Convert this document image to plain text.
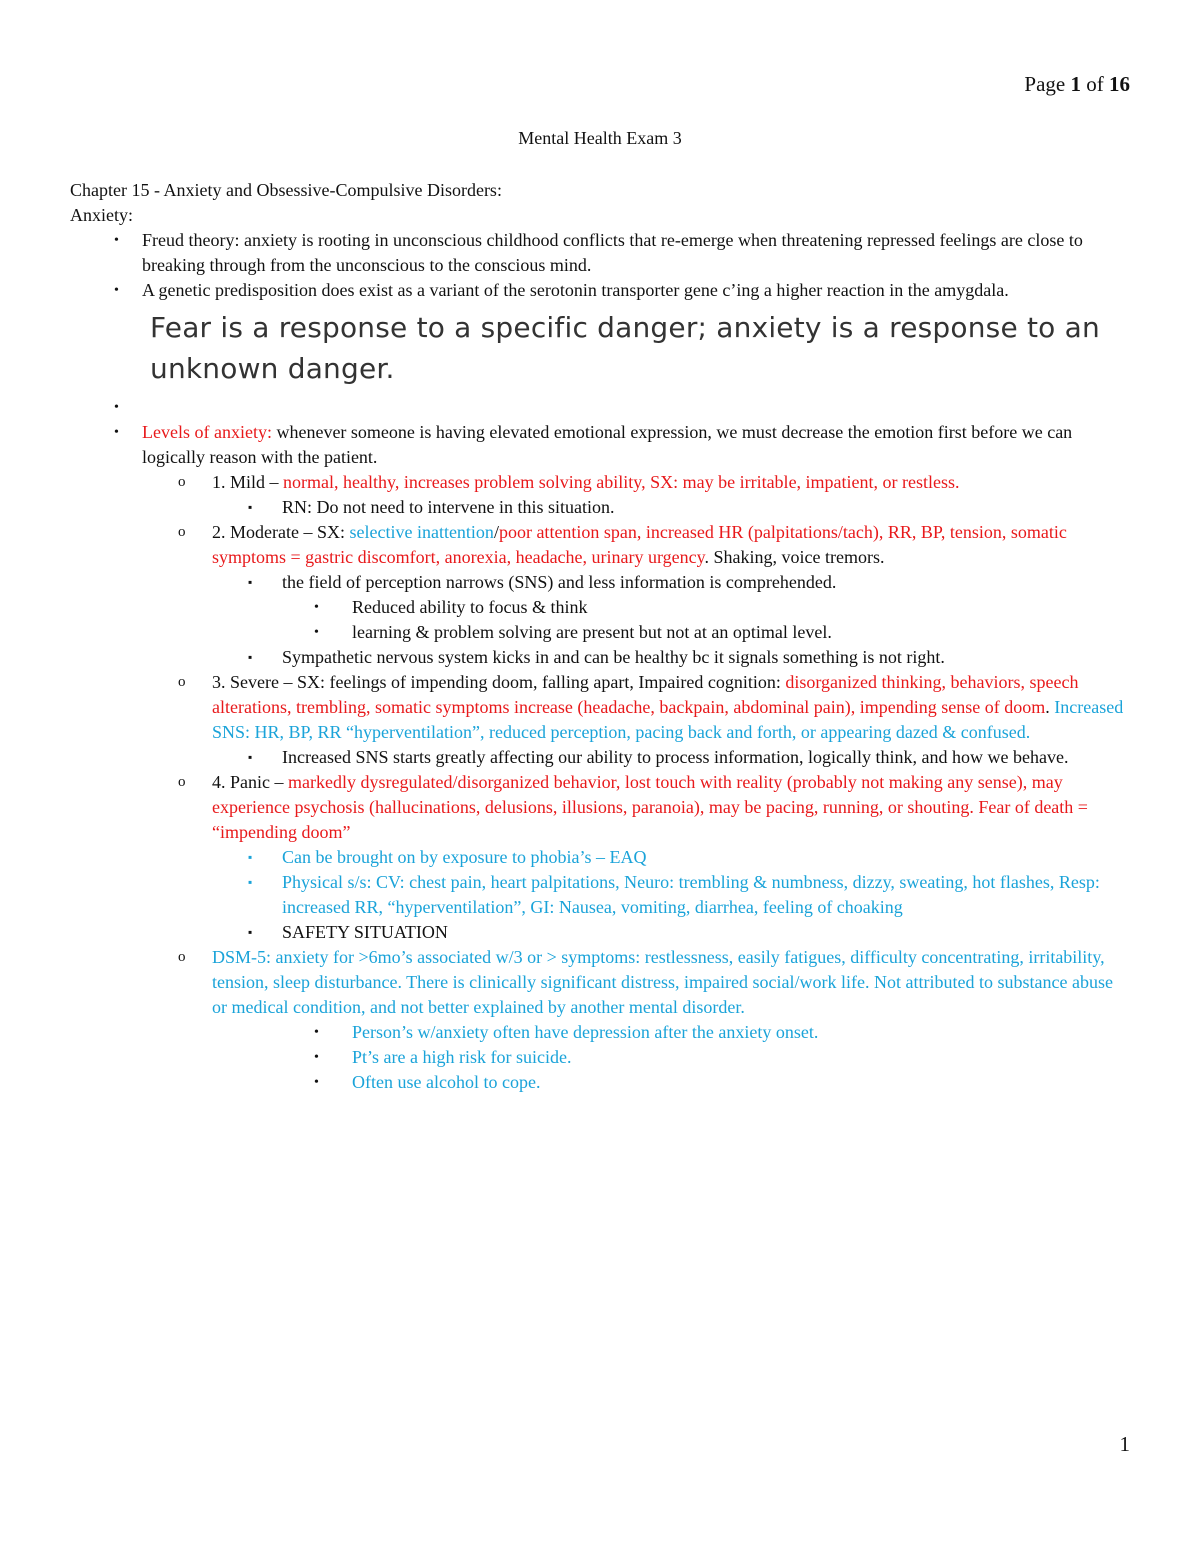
Page 1 of 16
Mental Health Exam 3

Chapter 15 - Anxiety and Obsessive-Compulsive Disorders:

Anxiety:

• Freud theory: anxiety is rooting in unconscious childhood conflicts that re-emerge when threatening repressed feelings are close to breaking through from the unconscious to the conscious mind.
• A genetic predisposition does exist as a variant of the serotonin transporter gene c’ing a higher reaction in the amygdala.
Fear is a response to a specific danger; anxiety is a response to an unknown danger.
•
• Levels of anxiety: whenever someone is having elevated emotional expression, we must decrease the emotion first before we can logically reason with the patient.
o 1. Mild – normal, healthy, increases problem solving ability, SX: may be irritable, impatient, or restless.
▪ RN: Do not need to intervene in this situation.
o 2. Moderate – SX: selective inattention/poor attention span, increased HR (palpitations/tach), RR, BP, tension, somatic symptoms = gastric discomfort, anorexia, headache, urinary urgency. Shaking, voice tremors.
▪ the field of perception narrows (SNS) and less information is comprehended.
• Reduced ability to focus & think
• learning & problem solving are present but not at an optimal level.
▪ Sympathetic nervous system kicks in and can be healthy bc it signals something is not right.
o 3. Severe – SX: feelings of impending doom, falling apart, Impaired cognition: disorganized thinking, behaviors, speech alterations, trembling, somatic symptoms increase (headache, backpain, abdominal pain), impending sense of doom. Increased SNS: HR, BP, RR “hyperventilation”, reduced perception, pacing back and forth, or appearing dazed & confused.
▪ Increased SNS starts greatly affecting our ability to process information, logically think, and how we behave.
o 4. Panic – markedly dysregulated/disorganized behavior, lost touch with reality (probably not making any sense), may experience psychosis (hallucinations, delusions, illusions, paranoia), may be pacing, running, or shouting. Fear of death = “impending doom”
▪ Can be brought on by exposure to phobia’s – EAQ
▪ Physical s/s: CV: chest pain, heart palpitations, Neuro: trembling & numbness, dizzy, sweating, hot flashes, Resp: increased RR, “hyperventilation”, GI: Nausea, vomiting, diarrhea, feeling of choaking
▪ SAFETY SITUATION
o DSM-5: anxiety for >6mo’s associated w/3 or > symptoms: restlessness, easily fatigues, difficulty concentrating, irritability, tension, sleep disturbance. There is clinically significant distress, impaired social/work life. Not attributed to substance abuse or medical condition, and not better explained by another mental disorder.
• Person’s w/anxiety often have depression after the anxiety onset.
• Pt’s are a high risk for suicide.
• Often use alcohol to cope.
1
